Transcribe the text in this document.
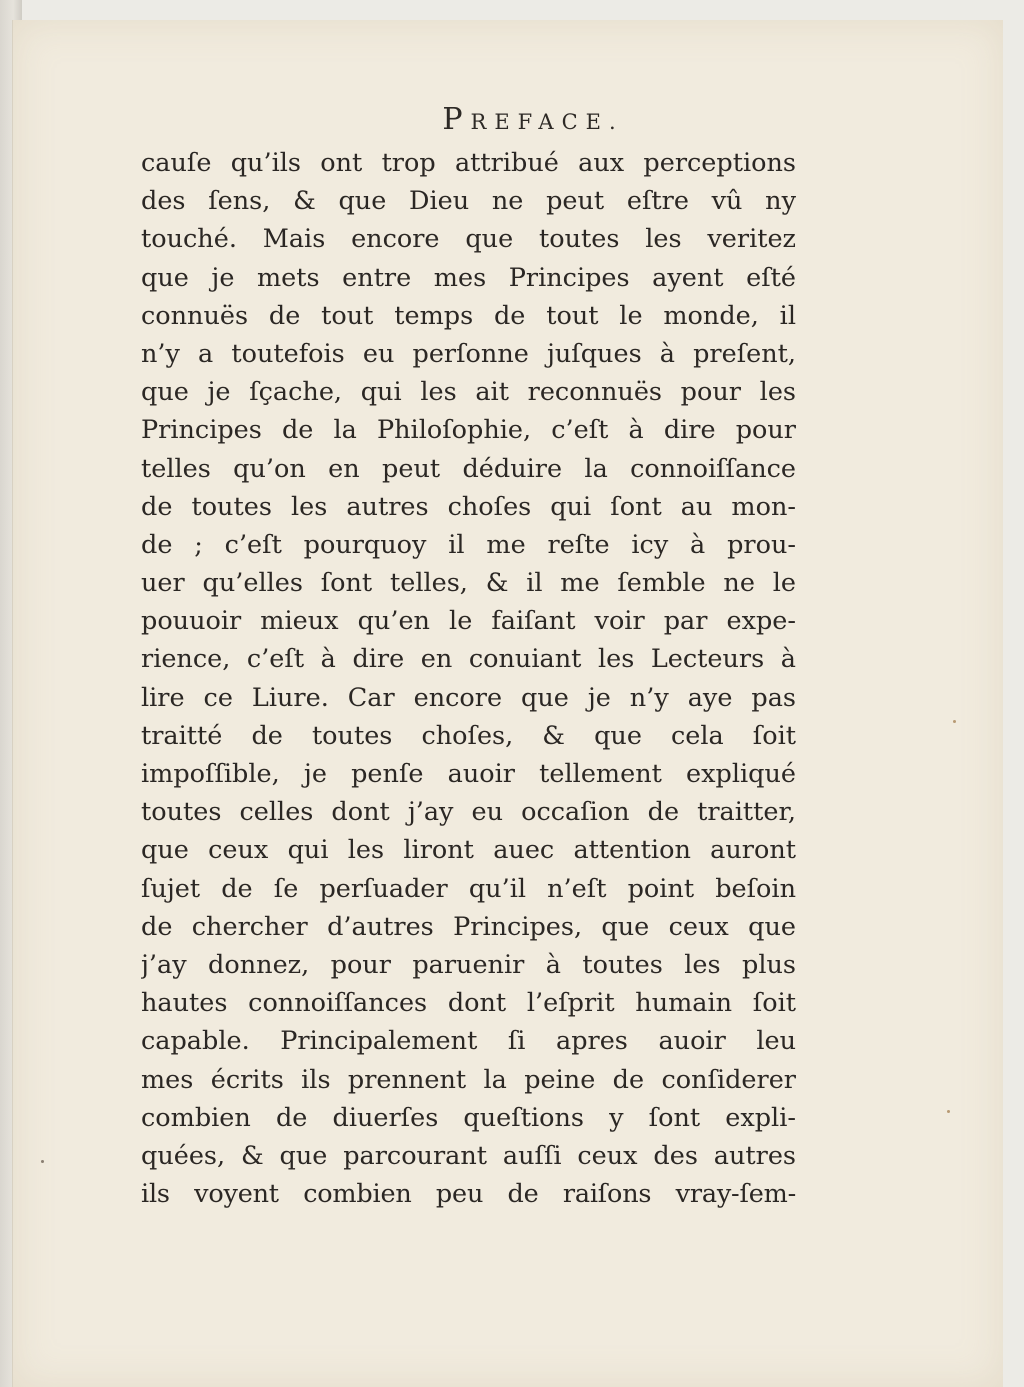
PREFACE.
cauſe qu’ils ont trop attribué aux perceptions
des ſens, & que Dieu ne peut eſtre vû ny
touché. Mais encore que toutes les veritez
que je mets entre mes Principes ayent eſté
connuës de tout temps de tout le monde, il
n’y a toutefois eu perſonne juſques à preſent,
que je ſçache, qui les ait reconnuës pour les
Principes de la Philoſophie, c’eſt à dire pour
telles qu’on en peut déduire la connoiſſance
de toutes les autres choſes qui ſont au mon-
de ; c’eſt pourquoy il me reſte icy à prou-
uer qu’elles ſont telles, & il me ſemble ne le
pouuoir mieux qu’en le faiſant voir par expe-
rience, c’eſt à dire en conuiant les Lecteurs à
lire ce Liure. Car encore que je n’y aye pas
traitté de toutes choſes, & que cela ſoit
impoſſible, je penſe auoir tellement expliqué
toutes celles dont j’ay eu occaſion de traitter,
que ceux qui les liront auec attention auront
ſujet de ſe perſuader qu’il n’eſt point beſoin
de chercher d’autres Principes, que ceux que
j’ay donnez, pour paruenir à toutes les plus
hautes connoiſſances dont l’eſprit humain ſoit
capable. Principalement ſi apres auoir leu
mes écrits ils prennent la peine de conſiderer
combien de diuerſes queſtions y ſont expli-
quées, & que parcourant auſſi ceux des autres
ils voyent combien peu de raiſons vray-ſem-
